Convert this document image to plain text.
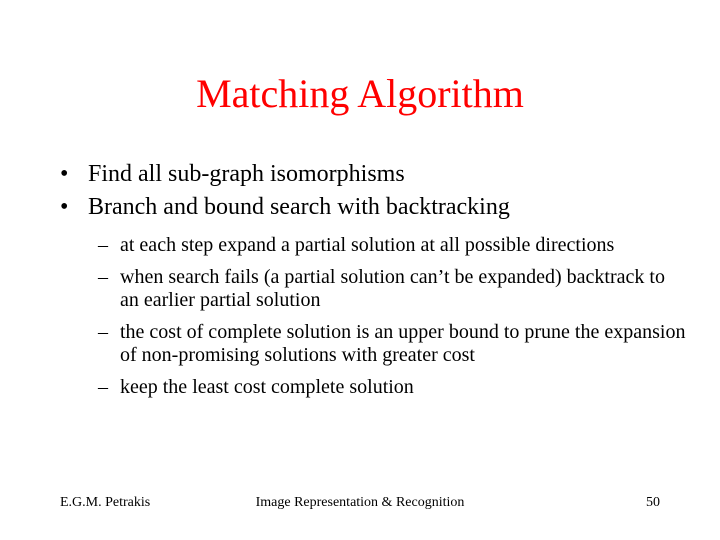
Matching Algorithm
• Find all sub-graph isomorphisms
• Branch and bound search with backtracking
– at each step expand a partial solution at all possible directions
– when search fails (a partial solution can’t be expanded) backtrack to an earlier partial solution
– the cost of complete solution is an upper bound to prune the expansion of non-promising solutions with greater cost
– keep the least cost complete solution
E.G.M. Petrakis	Image Representation & Recognition	50
